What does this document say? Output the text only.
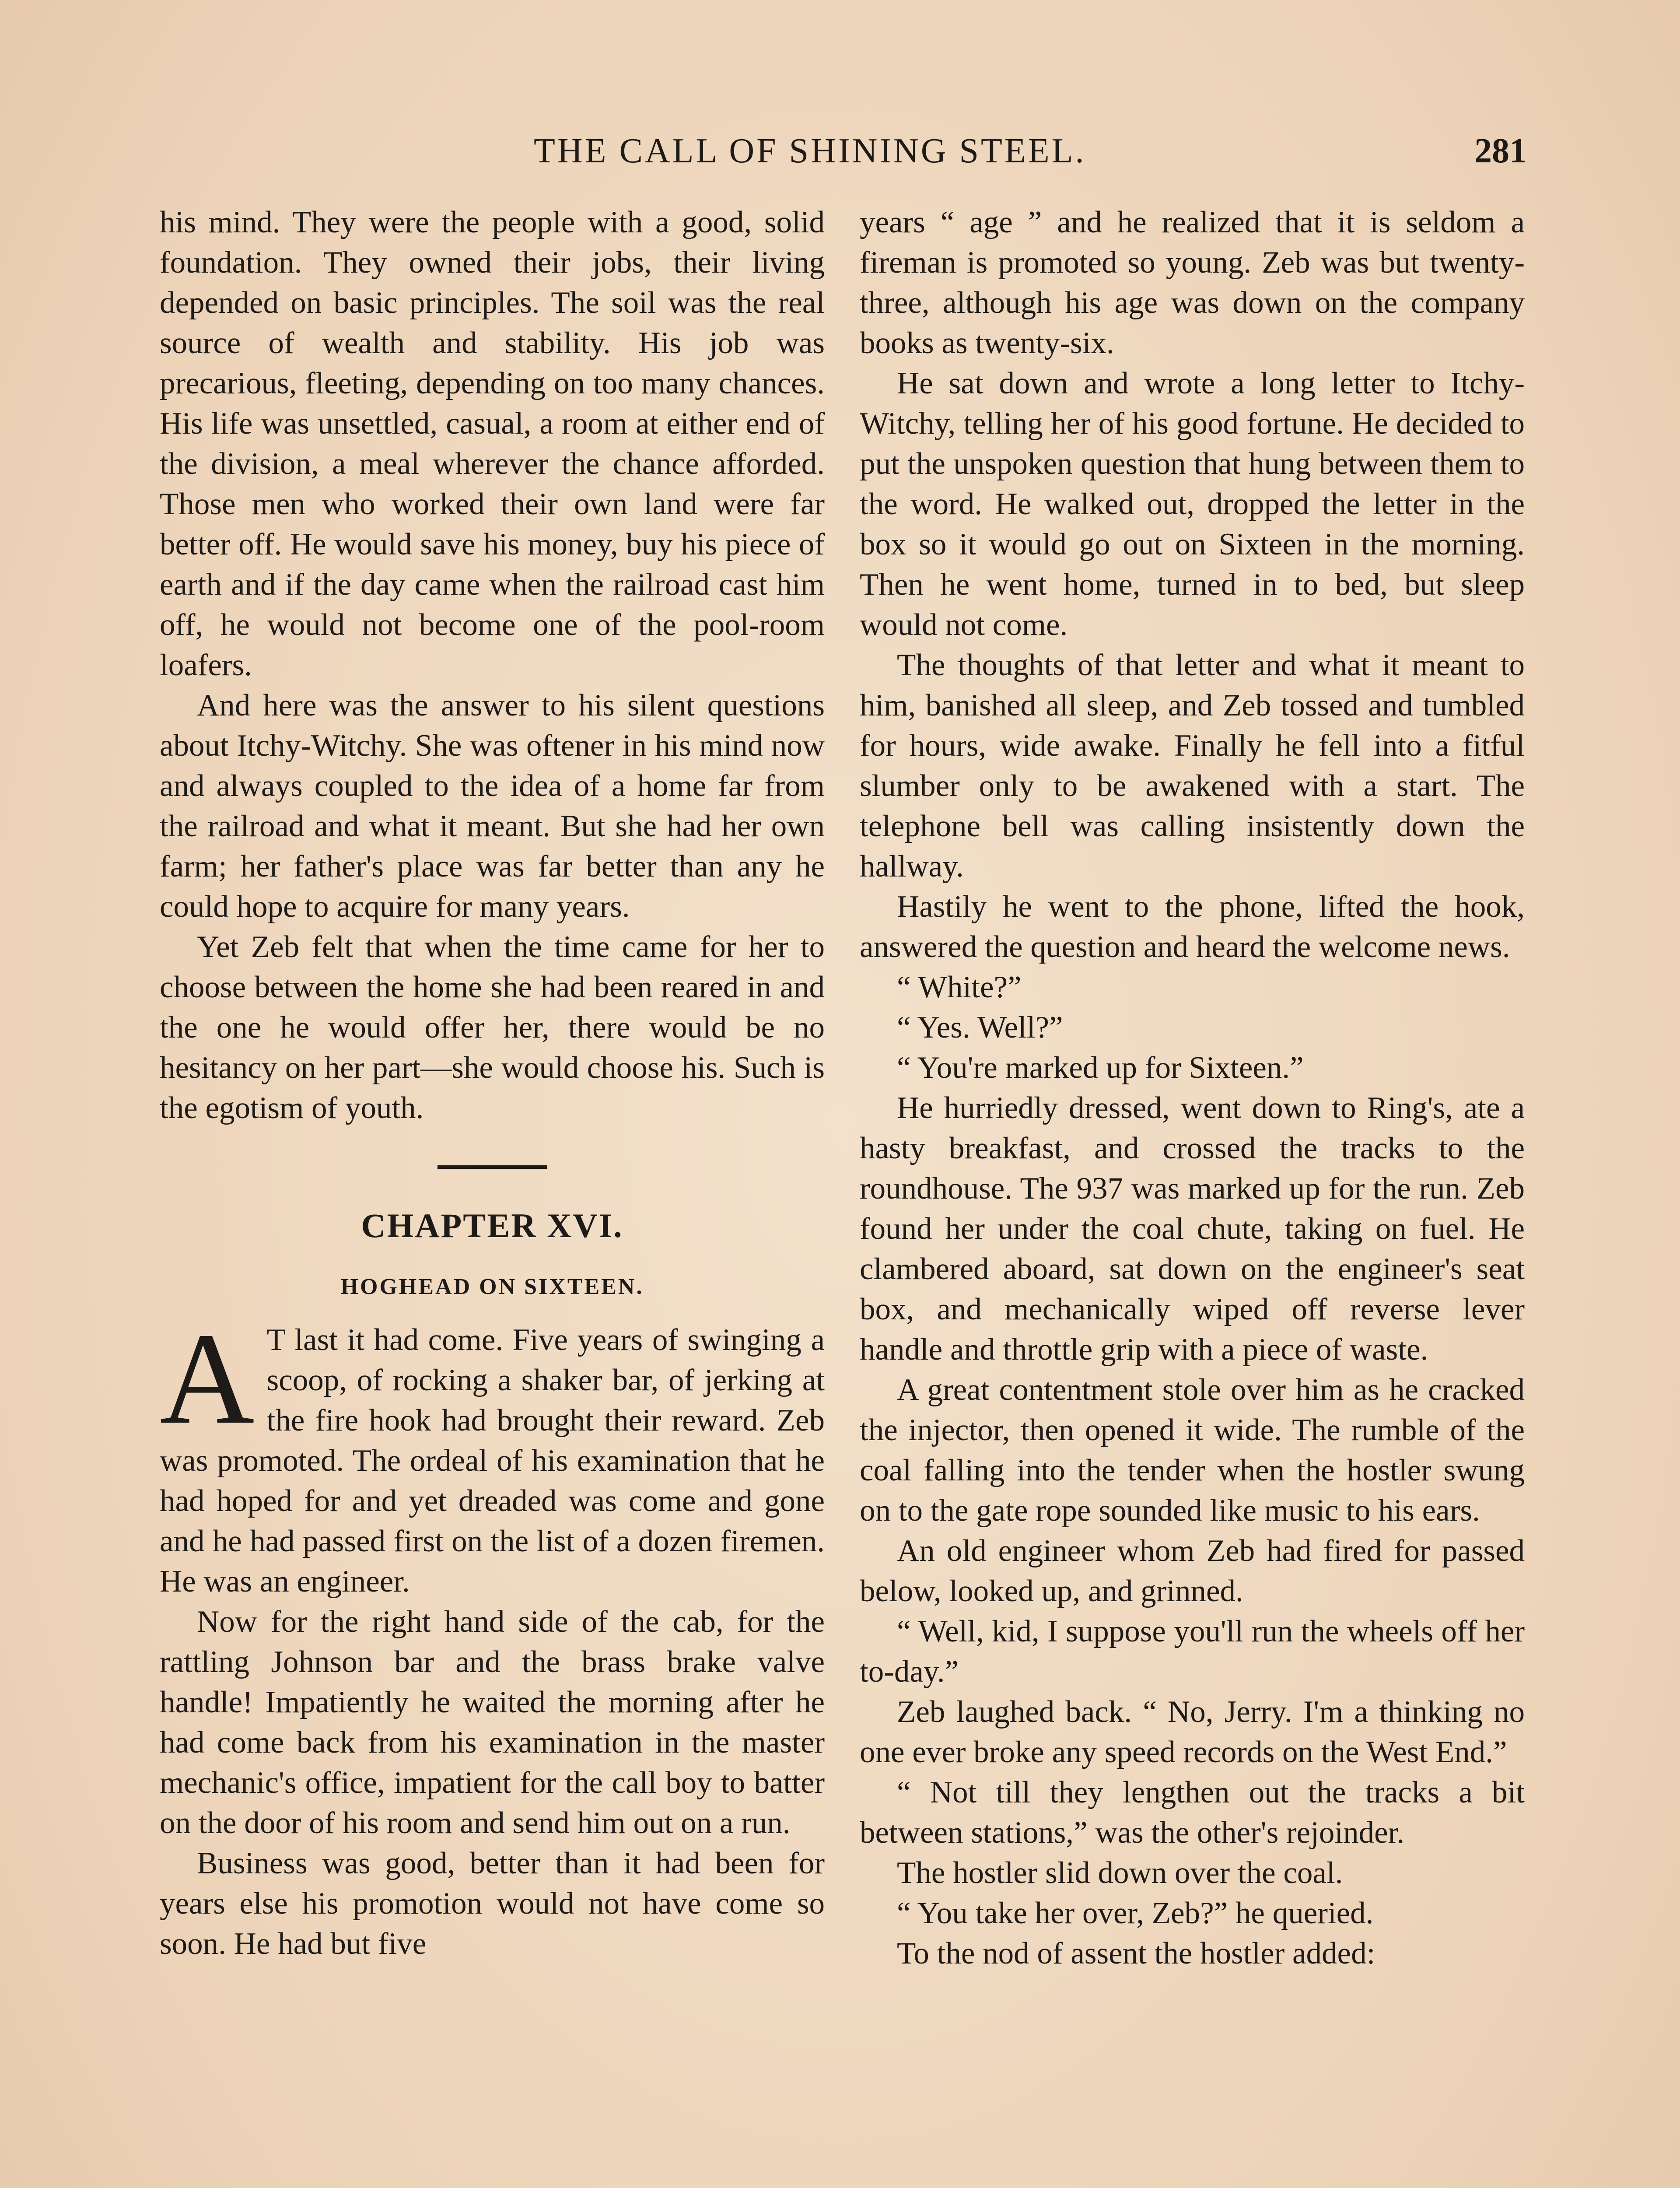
THE CALL OF SHINING STEEL.	281

his mind. They were the people with a good, solid foundation. They owned their jobs, their living depended on basic principles. The soil was the real source of wealth and stability. His job was precarious, fleeting, depending on too many chances. His life was unsettled, casual, a room at either end of the division, a meal wherever the chance afforded. Those men who worked their own land were far better off. He would save his money, buy his piece of earth and if the day came when the railroad cast him off, he would not become one of the pool-room loafers.

And here was the answer to his silent questions about Itchy-Witchy. She was oftener in his mind now and always coupled to the idea of a home far from the railroad and what it meant. But she had her own farm; her father's place was far better than any he could hope to acquire for many years.

Yet Zeb felt that when the time came for her to choose between the home she had been reared in and the one he would offer her, there would be no hesitancy on her part—she would choose his. Such is the egotism of youth.

CHAPTER XVI.
HOGHEAD ON SIXTEEN.

A T last it had come. Five years of swinging a scoop, of rocking a shaker bar, of jerking at the fire hook had brought their reward. Zeb was promoted. The ordeal of his examination that he had hoped for and yet dreaded was come and gone and he had passed first on the list of a dozen firemen. He was an engineer.

Now for the right hand side of the cab, for the rattling Johnson bar and the brass brake valve handle! Impatiently he waited the morning after he had come back from his examination in the master mechanic's office, impatient for the call boy to batter on the door of his room and send him out on a run.

Business was good, better than it had been for years else his promotion would not have come so soon. He had but five

years “ age ” and he realized that it is seldom a fireman is promoted so young. Zeb was but twenty-three, although his age was down on the company books as twenty-six.

He sat down and wrote a long letter to Itchy-Witchy, telling her of his good fortune. He decided to put the unspoken question that hung between them to the word. He walked out, dropped the letter in the box so it would go out on Sixteen in the morning. Then he went home, turned in to bed, but sleep would not come.

The thoughts of that letter and what it meant to him, banished all sleep, and Zeb tossed and tumbled for hours, wide awake. Finally he fell into a fitful slumber only to be awakened with a start. The telephone bell was calling insistently down the hallway.

Hastily he went to the phone, lifted the hook, answered the question and heard the welcome news.

“ White?”

“ Yes. Well?”

“ You're marked up for Sixteen.”

He hurriedly dressed, went down to Ring's, ate a hasty breakfast, and crossed the tracks to the roundhouse. The 937 was marked up for the run. Zeb found her under the coal chute, taking on fuel. He clambered aboard, sat down on the engineer's seat box, and mechanically wiped off reverse lever handle and throttle grip with a piece of waste.

A great contentment stole over him as he cracked the injector, then opened it wide. The rumble of the coal falling into the tender when the hostler swung on to the gate rope sounded like music to his ears.

An old engineer whom Zeb had fired for passed below, looked up, and grinned.

“ Well, kid, I suppose you'll run the wheels off her to-day.”

Zeb laughed back. “ No, Jerry. I'm a thinking no one ever broke any speed records on the West End.”

“ Not till they lengthen out the tracks a bit between stations,” was the other's rejoinder.

The hostler slid down over the coal.

“ You take her over, Zeb?” he queried.

To the nod of assent the hostler added:
